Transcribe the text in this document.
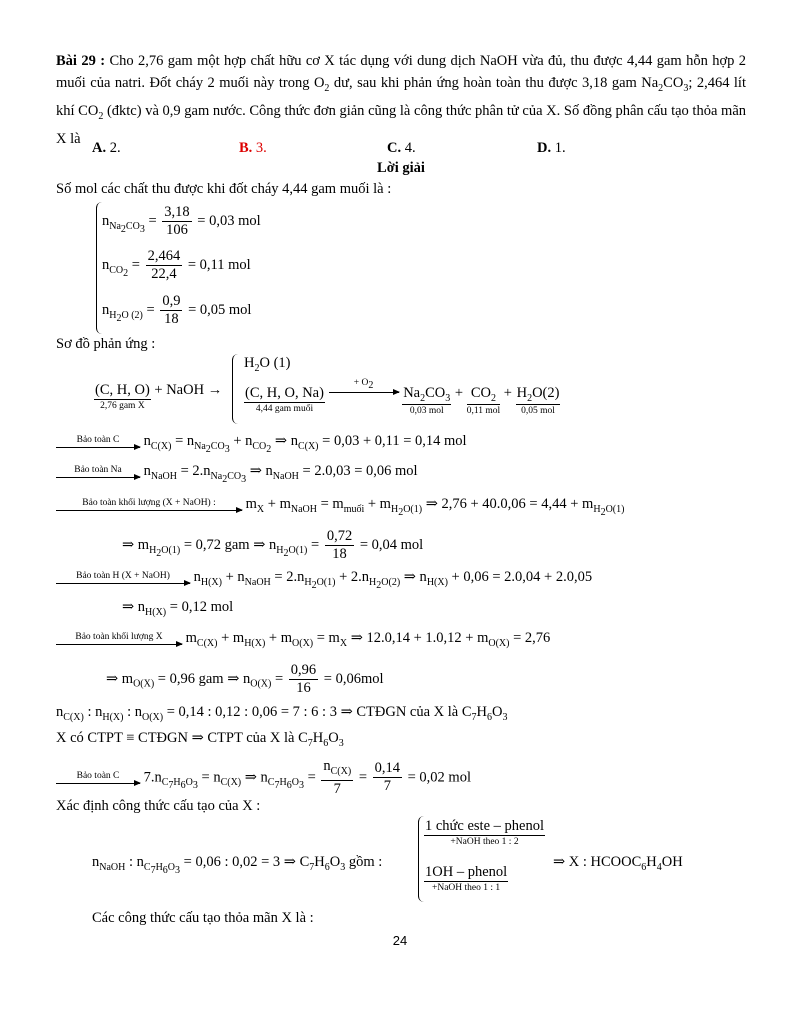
Bài 29 : Cho 2,76 gam một hợp chất hữu cơ X tác dụng với dung dịch NaOH vừa đủ, thu được 4,44 gam hỗn hợp 2 muối của natri. Đốt cháy 2 muối này trong $O_2$ dư, sau khi phản ứng hoàn toàn thu được 3,18 gam $Na_2CO_3$; 2,464 lít khí $CO_2$ (đktc) và 0,9 gam nước. Công thức đơn giản cũng là công thức phân tử của X. Số đồng phân cấu tạo thỏa mãn X là
A. 2.	B. 3.	C. 4.	D. 1.
Lời giải
Số mol các chất thu được khi đốt cháy 4,44 gam muối là :
$n_{Na_2CO_3} = \frac{3,18}{106} = 0,03$ mol
$n_{CO_2} = \frac{2,464}{22,4} = 0,11$ mol
$n_{H_2O (2)} = \frac{0,9}{18} = 0,05$ mol
Sơ đồ phản ứng :
(C, H, O)
2,76 gam X
+ NaOH →
$H_2O$ (1)
(C, H, O, Na)
4,44 gam muối

+ $O_2$
	$Na_2CO_3$
0,03 mol
+ $CO_2$
0,11 mol
+ $H_2O(2)$
0,05 mol
Bảo toàn C	$n_{C(X)} = n_{Na_2CO_3} + n_{CO_2}$ ⇒ $n_{C(X)} = 0,03 + 0,11 = 0,14$ mol
Bảo toàn Na	$n_{NaOH} = 2.n_{Na_2CO_3}$ ⇒ $n_{NaOH} = 2.0,03 = 0,06$ mol
Bảo toàn khối lượng (X + NaOH) :	$m_X + m_{NaOH} = m_{muối} + m_{H_2O(1)}$ ⇒ $2,76 + 40.0,06 = 4,44 + m_{H_2O(1)}$
⇒ $m_{H_2O(1)} = 0,72$ gam ⇒ $n_{H_2O(1)} = \frac{0,72}{18} = 0,04$ mol
Bảo toàn H (X + NaOH)	$n_{H(X)} + n_{NaOH} = 2.n_{H_2O(1)} + 2.n_{H_2O(2)}$ ⇒ $n_{H(X)} + 0,06 = 2.0,04 + 2.0,05$
⇒ $n_{H(X)} = 0,12$ mol
Bảo toàn khối lượng X	$m_{C(X)} + m_{H(X)} + m_{O(X)} = m_X$ ⇒ $12.0,14 + 1.0,12 + m_{O(X)} = 2,76$
⇒ $m_{O(X)} = 0,96$ gam ⇒ $n_{O(X)} = \frac{0,96}{16} = 0,06mol$
$n_{C(X)}$ : $n_{H(X)}$ : $n_{O(X)} = 0,14$ : 0,12 : 0,06 = 7 : 6 : 3 ⇒ CTĐGN của X là $C_7H_6O_3$
X có CTPT ≡ CTĐGN ⇒ CTPT của X là $C_7H_6O_3$
Bảo toàn C	$7.n_{C_7H_6O_3} = n_{C(X)}$ ⇒ $n_{C_7H_6O_3} = \frac{n_{C(X)}}{7} = \frac{0,14}{7} = 0,02$ mol
Xác định công thức cấu tạo của X :
$n_{NaOH}$ : $n_{C_7H_6O_3} = 0,06$ : 0,02 = 3 ⇒ $C_7H_6O_3$ gồm :
1 chức este – phenol
+NaOH theo 1 : 2
1OH – phenol
+NaOH theo 1 : 1
⇒ X : $HCOOC_6H_4OH$
Các công thức cấu tạo thỏa mãn X là :
24
